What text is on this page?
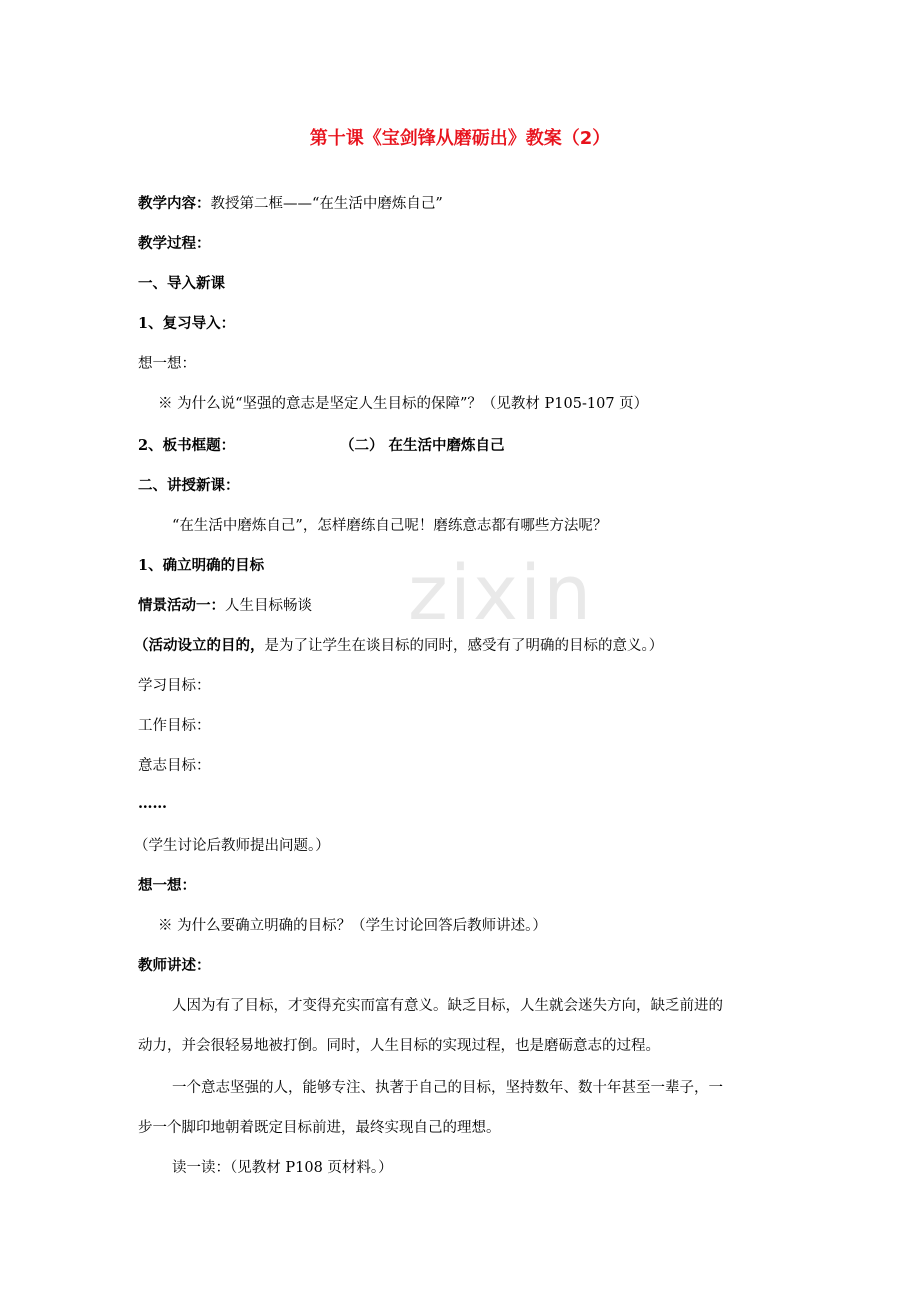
zixin
第十课《宝剑锋从磨砺出》教案（2）
教学内容：教授第二框——“在生活中磨炼自己”
教学过程：
一、导入新课
1、复习导入：
想一想：
※ 为什么说“坚强的意志是坚定人生目标的保障”？（见教材 P105-107 页）
2、板书框题：	（二） 在生活中磨炼自己
二、讲授新课：
“在生活中磨炼自己”，怎样磨练自己呢！磨练意志都有哪些方法呢？
1、确立明确的目标
情景活动一：人生目标畅谈
（活动设立的目的，是为了让学生在谈目标的同时，感受有了明确的目标的意义。）
学习目标：
工作目标：
意志目标：
……
（学生讨论后教师提出问题。）
想一想：
※ 为什么要确立明确的目标？（学生讨论回答后教师讲述。）
教师讲述：
人因为有了目标，才变得充实而富有意义。缺乏目标，人生就会迷失方向，缺乏前进的
动力，并会很轻易地被打倒。同时，人生目标的实现过程，也是磨砺意志的过程。
一个意志坚强的人，能够专注、执著于自己的目标，坚持数年、数十年甚至一辈子，一
步一个脚印地朝着既定目标前进，最终实现自己的理想。
读一读：（见教材 P108 页材料。）
